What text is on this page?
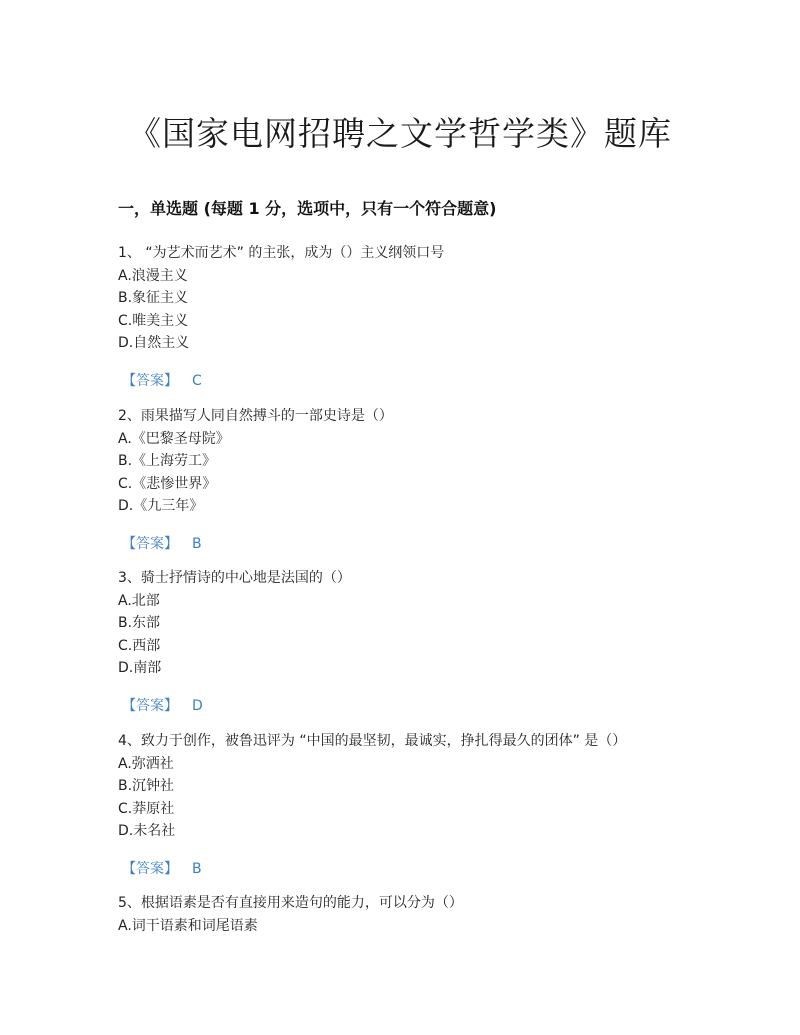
《国家电网招聘之文学哲学类》题库
一，单选题 (每题 1 分，选项中，只有一个符合题意)
1、 “为艺术而艺术” 的主张，成为（）主义纲领口号
A.浪漫主义
B.象征主义
C.唯美主义
D.自然主义
【答案】 C
2、雨果描写人同自然搏斗的一部史诗是（）
A.《巴黎圣母院》
B.《上海劳工》
C.《悲惨世界》
D.《九三年》
【答案】 B
3、骑士抒情诗的中心地是法国的（）
A.北部
B.东部
C.西部
D.南部
【答案】 D
4、致力于创作，被鲁迅评为 “中国的最坚韧，最诚实，挣扎得最久的团体” 是（）
A.弥洒社
B.沉钟社
C.莽原社
D.未名社
【答案】 B
5、根据语素是否有直接用来造句的能力，可以分为（）
A.词干语素和词尾语素
